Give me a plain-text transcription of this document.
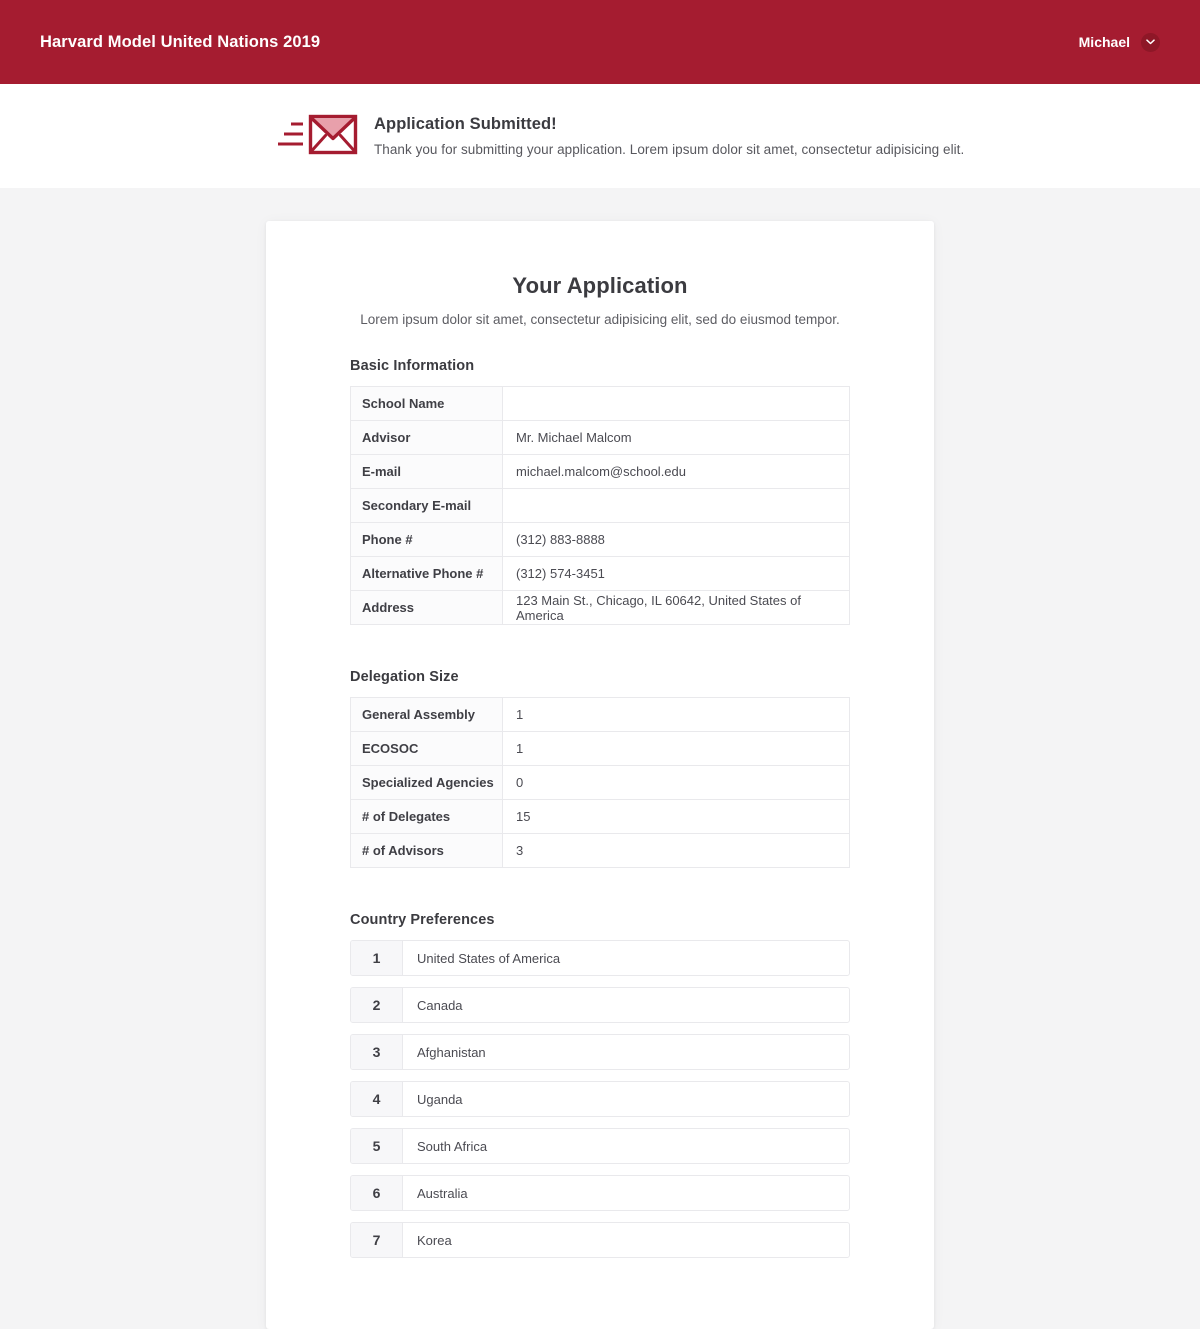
Harvard Model United Nations 2019	Michael
Application Submitted!
Thank you for submitting your application. Lorem ipsum dolor sit amet, consectetur adipisicing elit.
Your Application
Lorem ipsum dolor sit amet, consectetur adipisicing elit, sed do eiusmod tempor.
Basic Information
School Name	
Advisor	Mr. Michael Malcom
E-mail	michael.malcom@school.edu
Secondary E-mail	
Phone #	(312) 883-8888
Alternative Phone #	(312) 574-3451
Address	123 Main St., Chicago, IL 60642, United States of America
Delegation Size
General Assembly	1
ECOSOC	1
Specialized Agencies	0
# of Delegates	15
# of Advisors	3
Country Preferences
1	United States of America
2	Canada
3	Afghanistan
4	Uganda
5	South Africa
6	Australia
7	Korea
